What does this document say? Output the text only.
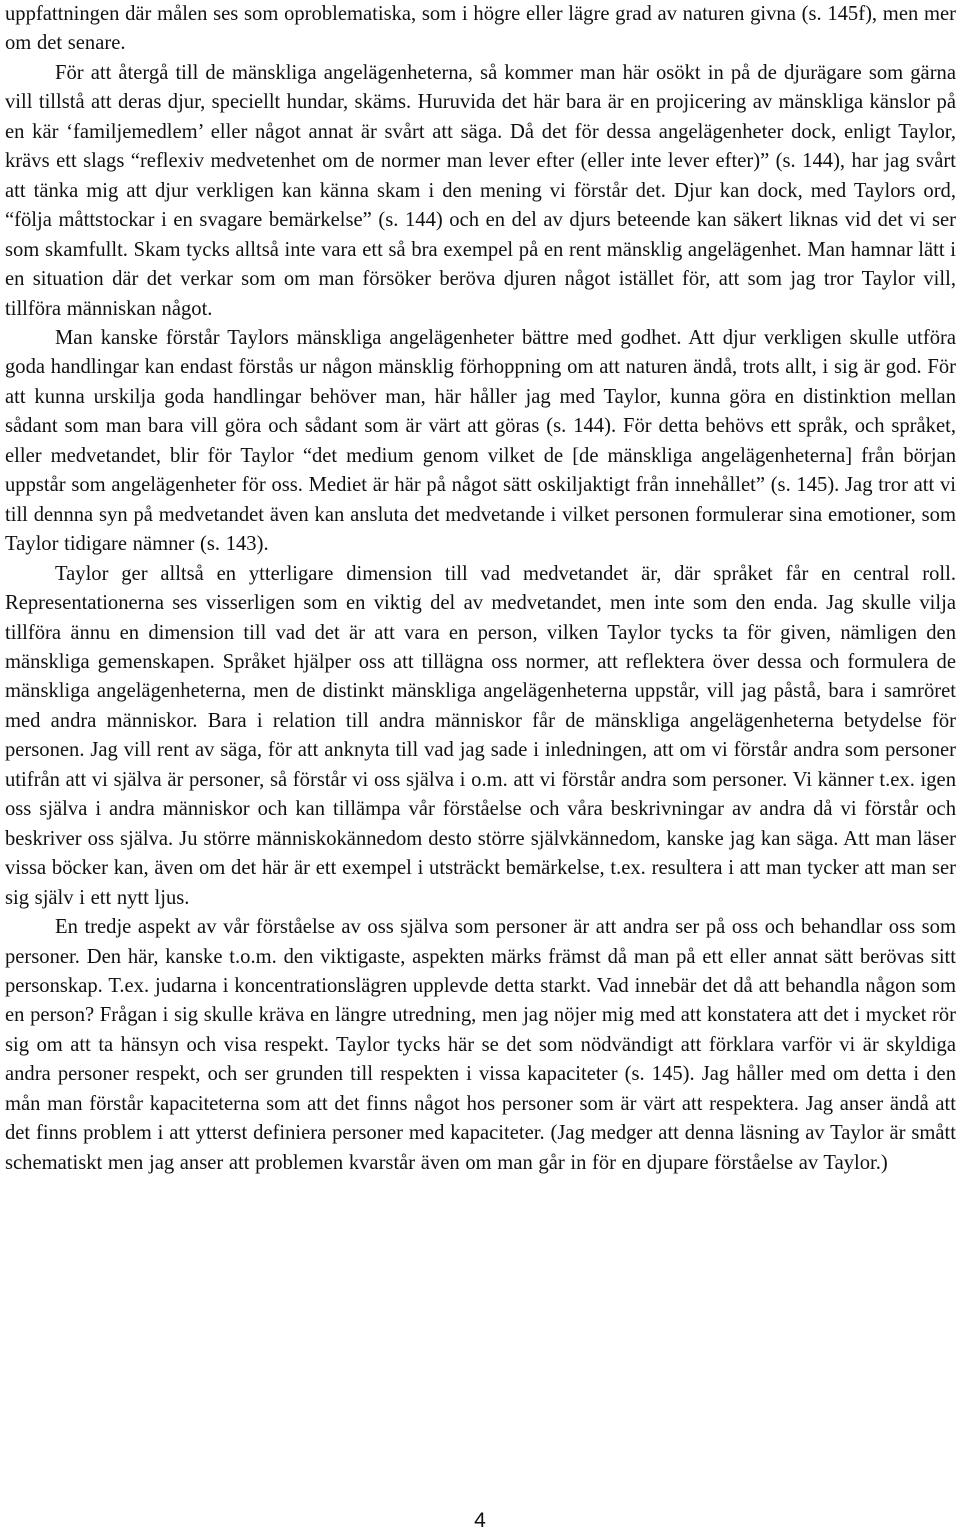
uppfattningen där målen ses som oproblematiska, som i högre eller lägre grad av naturen givna (s. 145f), men mer om det senare.

För att återgå till de mänskliga angelägenheterna, så kommer man här osökt in på de djurägare som gärna vill tillstå att deras djur, speciellt hundar, skäms. Huruvida det här bara är en projicering av mänskliga känslor på en kär ‘familjemedlem’ eller något annat är svårt att säga. Då det för dessa angelägenheter dock, enligt Taylor, krävs ett slags “reflexiv medvetenhet om de normer man lever efter (eller inte lever efter)” (s. 144), har jag svårt att tänka mig att djur verkligen kan känna skam i den mening vi förstår det. Djur kan dock, med Taylors ord, “följa måttstockar i en svagare bemärkelse” (s. 144) och en del av djurs beteende kan säkert liknas vid det vi ser som skamfullt. Skam tycks alltså inte vara ett så bra exempel på en rent mänsklig angelägenhet. Man hamnar lätt i en situation där det verkar som om man försöker beröva djuren något istället för, att som jag tror Taylor vill, tillföra människan något.

Man kanske förstår Taylors mänskliga angelägenheter bättre med godhet. Att djur verkligen skulle utföra goda handlingar kan endast förstås ur någon mänsklig förhoppning om att naturen ändå, trots allt, i sig är god. För att kunna urskilja goda handlingar behöver man, här håller jag med Taylor, kunna göra en distinktion mellan sådant som man bara vill göra och sådant som är värt att göras (s. 144). För detta behövs ett språk, och språket, eller medvetandet, blir för Taylor “det medium genom vilket de [de mänskliga angelägenheterna] från början uppstår som angelägenheter för oss. Mediet är här på något sätt oskiljaktigt från innehållet” (s. 145). Jag tror att vi till dennna syn på medvetandet även kan ansluta det medvetande i vilket personen formulerar sina emotioner, som Taylor tidigare nämner (s. 143).

Taylor ger alltså en ytterligare dimension till vad medvetandet är, där språket får en central roll. Representationerna ses visserligen som en viktig del av medvetandet, men inte som den enda. Jag skulle vilja tillföra ännu en dimension till vad det är att vara en person, vilken Taylor tycks ta för given, nämligen den mänskliga gemenskapen. Språket hjälper oss att tillägna oss normer, att reflektera över dessa och formulera de mänskliga angelägenheterna, men de distinkt mänskliga angelägenheterna uppstår, vill jag påstå, bara i samröret med andra människor. Bara i relation till andra människor får de mänskliga angelägenheterna betydelse för personen. Jag vill rent av säga, för att anknyta till vad jag sade i inledningen, att om vi förstår andra som personer utifrån att vi själva är personer, så förstår vi oss själva i o.m. att vi förstår andra som personer. Vi känner t.ex. igen oss själva i andra människor och kan tillämpa vår förståelse och våra beskrivningar av andra då vi förstår och beskriver oss själva. Ju större människokännedom desto större självkännedom, kanske jag kan säga. Att man läser vissa böcker kan, även om det här är ett exempel i utsträckt bemärkelse, t.ex. resultera i att man tycker att man ser sig själv i ett nytt ljus.

En tredje aspekt av vår förståelse av oss själva som personer är att andra ser på oss och behandlar oss som personer. Den här, kanske t.o.m. den viktigaste, aspekten märks främst då man på ett eller annat sätt berövas sitt personskap. T.ex. judarna i koncentrationslägren upplevde detta starkt. Vad innebär det då att behandla någon som en person? Frågan i sig skulle kräva en längre utredning, men jag nöjer mig med att konstatera att det i mycket rör sig om att ta hänsyn och visa respekt. Taylor tycks här se det som nödvändigt att förklara varför vi är skyldiga andra personer respekt, och ser grunden till respekten i vissa kapaciteter (s. 145). Jag håller med om detta i den mån man förstår kapaciteterna som att det finns något hos personer som är värt att respektera. Jag anser ändå att det finns problem i att ytterst definiera personer med kapaciteter. (Jag medger att denna läsning av Taylor är smått schematiskt men jag anser att problemen kvarstår även om man går in för en djupare förståelse av Taylor.)

4
